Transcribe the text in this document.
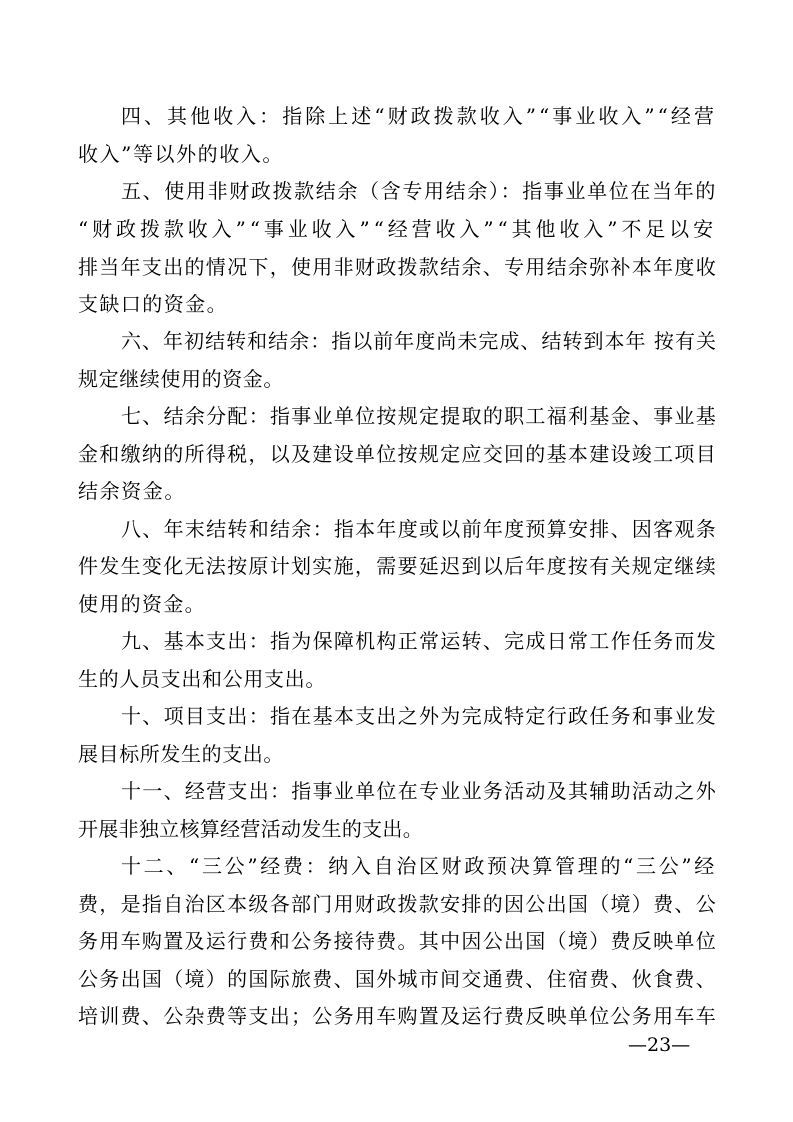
四、其他收入：指除上述“财政拨款收入”“事业收入”“经营
收入”等以外的收入。
五、使用非财政拨款结余（含专用结余）：指事业单位在当年的
“财政拨款收入”“事业收入”“经营收入”“其他收入”不足以安
排当年支出的情况下，使用非财政拨款结余、专用结余弥补本年度收
支缺口的资金。
六、年初结转和结余：指以前年度尚未完成、结转到本年 按有关
规定继续使用的资金。
七、结余分配：指事业单位按规定提取的职工福利基金、事业基
金和缴纳的所得税，以及建设单位按规定应交回的基本建设竣工项目
结余资金。
八、年末结转和结余：指本年度或以前年度预算安排、因客观条
件发生变化无法按原计划实施，需要延迟到以后年度按有关规定继续
使用的资金。
九、基本支出：指为保障机构正常运转、完成日常工作任务而发
生的人员支出和公用支出。
十、项目支出：指在基本支出之外为完成特定行政任务和事业发
展目标所发生的支出。
十一、经营支出：指事业单位在专业业务活动及其辅助活动之外
开展非独立核算经营活动发生的支出。
十二、“三公”经费：纳入自治区财政预决算管理的“三公”经
费，是指自治区本级各部门用财政拨款安排的因公出国（境）费、公
务用车购置及运行费和公务接待费。其中因公出国（境）费反映单位
公务出国（境）的国际旅费、国外城市间交通费、住宿费、伙食费、
培训费、公杂费等支出；公务用车购置及运行费反映单位公务用车车
—23—
